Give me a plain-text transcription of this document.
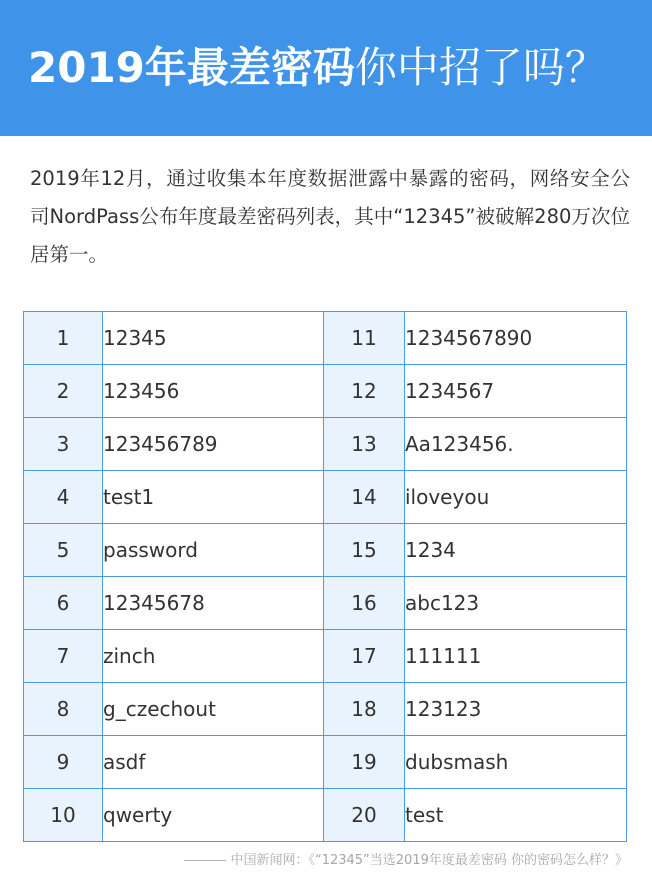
2019年最差密码你中招了吗？

2019年12月，通过收集本年度数据泄露中暴露的密码，网络安全公司NordPass公布年度最差密码列表，其中“12345”被破解280万次位居第一。

1	12345	11	1234567890
2	123456	12	1234567
3	123456789	13	Aa123456.
4	test1	14	iloveyou
5	password	15	1234
6	12345678	16	abc123
7	zinch	17	111111
8	g_czechout	18	123123
9	asdf	19	dubsmash
10	qwerty	20	test
中国新闻网：《“12345”当选2019年度最差密码 你的密码怎么样？》
